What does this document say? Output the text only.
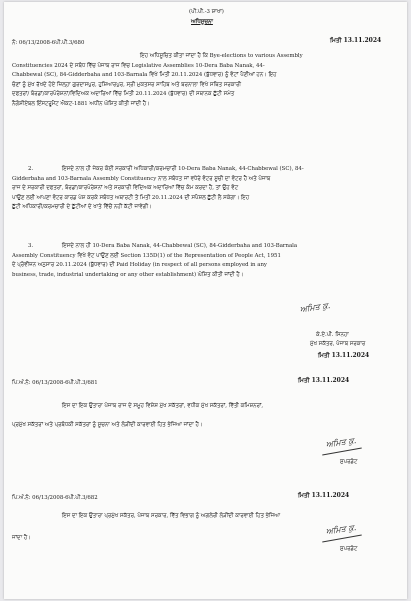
(ਪੀ.ਪੀ.-3 ਸ਼ਾਖਾ)
ਅਧਿਸੂਚਨਾ
ਨੰ: 06/13/2008-6ਪੀ.ਪੀ.3/680	ਮਿਤੀ 13.11.2024
ਇਹ ਅਧਿਸੂਚਿਤ ਕੀਤਾ ਜਾਂਦਾ ਹੈ ਕਿ Bye-elections to various Assembly
Constituencies 2024 ਦੇ ਸਬੰਧ ਵਿੱਚ ਪੰਜਾਬ ਰਾਜ ਵਿਚ Legislative Assemblies 10-Dera Baba Nanak, 44-
Chabbewal (SC), 84-Gidderbaha and 103-Barnala ਵਿਖੇ ਮਿਤੀ 20.11.2024 (ਬੁੱਧਵਾਰ) ਨੂੰ ਵੋਟਾਂ ਪੈਣੀਆਂ ਹਨ। ਇਹ
ਚੋਣਾਂ ਨੂੰ ਮੁੱਖ ਰੱਖਦੇ ਹੋਏ ਜ਼ਿਲ੍ਹਾ ਗੁਰਦਾਸਪੁਰ, ਹੁਸ਼ਿਆਰਪੁਰ, ਸ੍ਰੀ ਮੁਕਤਸਰ ਸਾਹਿਬ ਅਤੇ ਬਰਨਾਲਾ ਵਿਖੇ ਸਥਿਤ ਸਰਕਾਰੀ
ਦਫਤਰਾਂ/ ਬੋਰਡਾਂ/ਕਾਰਪੋਰੇਸ਼ਨਾਂ/ਵਿਦਿਅਕ ਅਦਾਰਿਆਂ ਵਿੱਚ ਮਿਤੀ 20.11.2024 (ਬੁੱਧਵਾਰ) ਦੀ ਸਥਾਨਕ ਛੁੱਟੀ ਸਮੇਤ
ਨੈਗੋਸ਼ੀਏਬਲ ਇੰਸਟਰੂਮੈਂਟ ਐਕਟ-1881 ਅਧੀਨ ਘੋਸ਼ਿਤ ਕੀਤੀ ਜਾਂਦੀ ਹੈ।
2.	ਇਸਦੇ ਨਾਲ ਹੀ ਜੇਕਰ ਕੋਈ ਸਰਕਾਰੀ ਅਧਿਕਾਰੀ/ਕਰਮਚਾਰੀ 10-Dera Baba Nanak, 44-Chabbewal (SC), 84-
Gidderbaha and 103-Barnala Assembly Constituency ਨਾਲ ਸਬੰਧਤ ਜਾਂ ਵਧੇਰੇ ਵੋਟਰ ਸੂਚੀ ਦਾ ਵੋਟਰ ਹੈ ਅਤੇ ਪੰਜਾਬ
ਰਾਜ ਦੇ ਸਰਕਾਰੀ ਦਫਤਰਾਂ, ਬੋਰਡਾਂ/ਕਾਰਪੋਰੇਸ਼ਨਾਂ ਅਤੇ ਸਰਕਾਰੀ ਵਿਦਿਅਕ ਅਦਾਰਿਆਂ ਵਿੱਚ ਕੰਮ ਕਰਦਾ ਹੈ, ਤਾਂ ਉਹ ਵੋਟ
ਪਾਉਣ ਲਈ ਆਪਣਾ ਵੋਟਰ ਕਾਰਡ ਪੇਸ਼ ਕਰਕੇ ਸਬੰਧਤ ਅਥਾਰਟੀ ਤੋਂ ਮਿਤੀ 20.11.2024 ਦੀ ਸਪੈਸ਼ਲ ਛੁੱਟੀ ਲੈ ਸਕੇਗਾ। ਇਹ
ਛੁੱਟੀ ਅਧਿਕਾਰੀ/ਕਰਮਚਾਰੀ ਦੇ ਛੁੱਟੀਆਂ ਦੇ ਖਾਤੇ ਵਿੱਚੋਂ ਨਹੀਂ ਕੱਟੀ ਜਾਵੇਗੀ।
3.	ਇਸਦੇ ਨਾਲ ਹੀ 10-Dera Baba Nanak, 44-Chabbewal (SC), 84-Gidderbaha and 103-Barnala
Assembly Constituency ਵਿਖੇ ਵੋਟ ਪਾਉਣ ਲਈ Section 135D(1) of the Representation of People Act, 1951
ਦੇ ਪ੍ਰੋਵੀਜ਼ਨ ਅਨੁਸਾਰ 20.11.2024 (ਬੁੱਧਵਾਰ) ਦੀ Paid Holiday (in respect of all persons employed in any
business, trade, industrial undertaking or any other establishment) ਘੋਸ਼ਿਤ ਕੀਤੀ ਜਾਂਦੀ ਹੈ।
ਅਮਿਤ ਕੁ.
ਕੇ.ਏ.ਪੀ. ਸਿਨਹਾ
ਮੁੱਖ ਸਕੱਤਰ, ਪੰਜਾਬ ਸਰਕਾਰ
ਮਿਤੀ 13.11.2024
ਪਿ.ਅੰ.ਨੰ: 06/13/2008-6ਪੀ.ਪੀ.3/681	ਮਿਤੀ 13.11.2024
ਇਸ ਦਾ ਇਕ ਉਤਾਰਾ ਪੰਜਾਬ ਰਾਜ ਦੇ ਸਮੂਹ ਵਿਸ਼ੇਸ਼ ਮੁੱਖ ਸਕੱਤਰਾਂ, ਵਧੀਕ ਮੁੱਖ ਸਕੱਤਰਾਂ, ਵਿੱਤੀ ਕਮਿਸ਼ਨਰਾਂ,
ਪ੍ਰਮੁੱਖ ਸਕੱਤਰਾਂ ਅਤੇ ਪ੍ਰਬੰਧਕੀ ਸਕੱਤਰਾਂ ਨੂੰ ਸੂਚਨਾ ਅਤੇ ਲੋੜੀਂਦੀ ਕਾਰਵਾਈ ਹਿਤ ਭੇਜਿਆ ਜਾਂਦਾ ਹੈ।
ਅਮਿਤ ਕੁ.
ਸੁਪਰਡੰਟ
ਪਿ.ਅੰ.ਨੰ: 06/13/2008-6ਪੀ.ਪੀ.3/682	ਮਿਤੀ 13.11.2024
ਇਸ ਦਾ ਇਕ ਉਤਾਰਾ ਪ੍ਰਮੁੱਖ ਸਕੱਤਰ, ਪੰਜਾਬ ਸਰਕਾਰ, ਵਿੱਤ ਵਿਭਾਗ ਨੂੰ ਅਗਲੇਰੀ ਲੋੜੀਂਦੀ ਕਾਰਵਾਈ ਹਿਤ ਭੇਜਿਆ
ਜਾਂਦਾ ਹੈ।
ਅਮਿਤ ਕੁ.
ਸੁਪਰਡੰਟ
